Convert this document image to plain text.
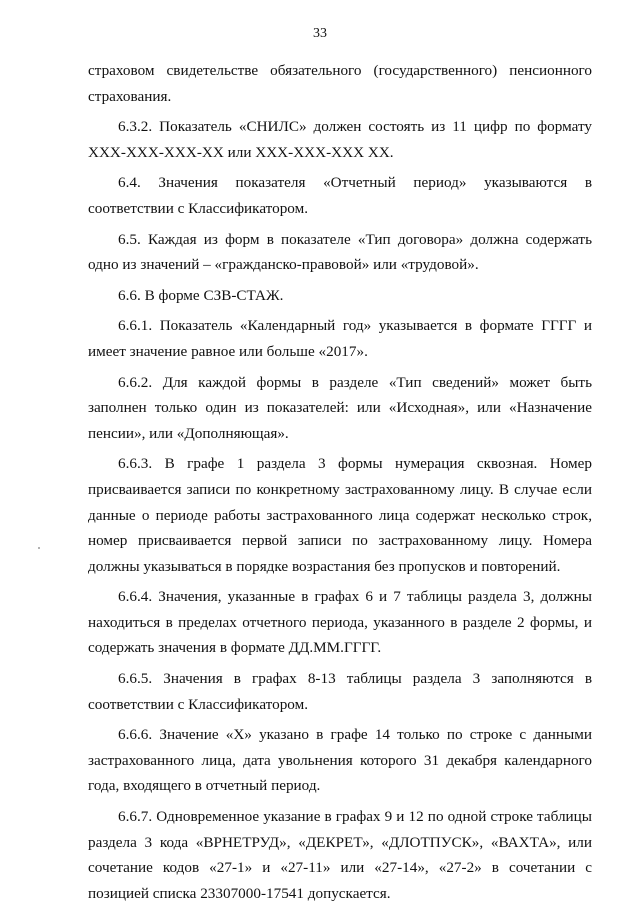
33

страховом свидетельстве обязательного (государственного) пенсионного страхования.

6.3.2. Показатель «СНИЛС» должен состоять из 11 цифр по формату XXX-XXX-XXX-XX или XXX-XXX-XXX XX.

6.4. Значения показателя «Отчетный период» указываются в соответствии с Классификатором.

6.5. Каждая из форм в показателе «Тип договора» должна содержать одно из значений – «гражданско-правовой» или «трудовой».

6.6. В форме СЗВ-СТАЖ.

6.6.1. Показатель «Календарный год» указывается в формате ГГГГ и имеет значение равное или больше «2017».

6.6.2. Для каждой формы в разделе «Тип сведений» может быть заполнен только один из показателей: или «Исходная», или «Назначение пенсии», или «Дополняющая».

6.6.3. В графе 1 раздела 3 формы нумерация сквозная. Номер присваивается записи по конкретному застрахованному лицу. В случае если данные о периоде работы застрахованного лица содержат несколько строк, номер присваивается первой записи по застрахованному лицу. Номера должны указываться в порядке возрастания без пропусков и повторений.

6.6.4. Значения, указанные в графах 6 и 7 таблицы раздела 3, должны находиться в пределах отчетного периода, указанного в разделе 2 формы, и содержать значения в формате ДД.ММ.ГГГГ.

6.6.5. Значения в графах 8-13 таблицы раздела 3 заполняются в соответствии с Классификатором.

6.6.6. Значение «Х» указано в графе 14 только по строке с данными застрахованного лица, дата увольнения которого 31 декабря календарного года, входящего в отчетный период.

6.6.7. Одновременное указание в графах 9 и 12 по одной строке таблицы раздела 3 кода «ВРНЕТРУД», «ДЕКРЕТ», «ДЛОТПУСК», «ВАХТА», или сочетание кодов «27-1» и «27-11» или «27-14», «27-2» в сочетании с позицией списка 23307000-17541 допускается.
